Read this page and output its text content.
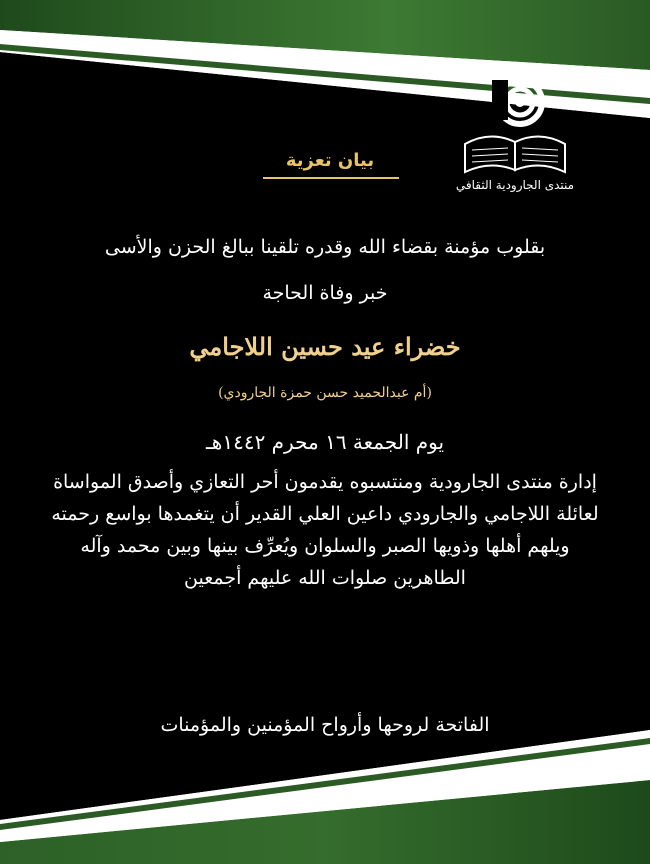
منتدى الجارودية الثقافي
بيان تعزية
بقلوب مؤمنة بقضاء الله وقدره تلقينا ببالغ الحزن والأسى
خبر وفاة الحاجة
خضراء عيد حسين اللاجامي
(أم عبدالحميد حسن حمزة الجارودي)
يوم الجمعة ١٦ محرم ١٤٤٢هـ
إدارة منتدى الجارودية ومنتسبوه يقدمون أحر التعازي وأصدق المواساة لعائلة اللاجامي والجارودي داعين العلي القدير أن يتغمدها بواسع رحمته ويلهم أهلها وذويها الصبر والسلوان ويُعرِّف بينها وبين محمد وآله الطاهرين صلوات الله عليهم أجمعين
الفاتحة لروحها وأرواح المؤمنين والمؤمنات
